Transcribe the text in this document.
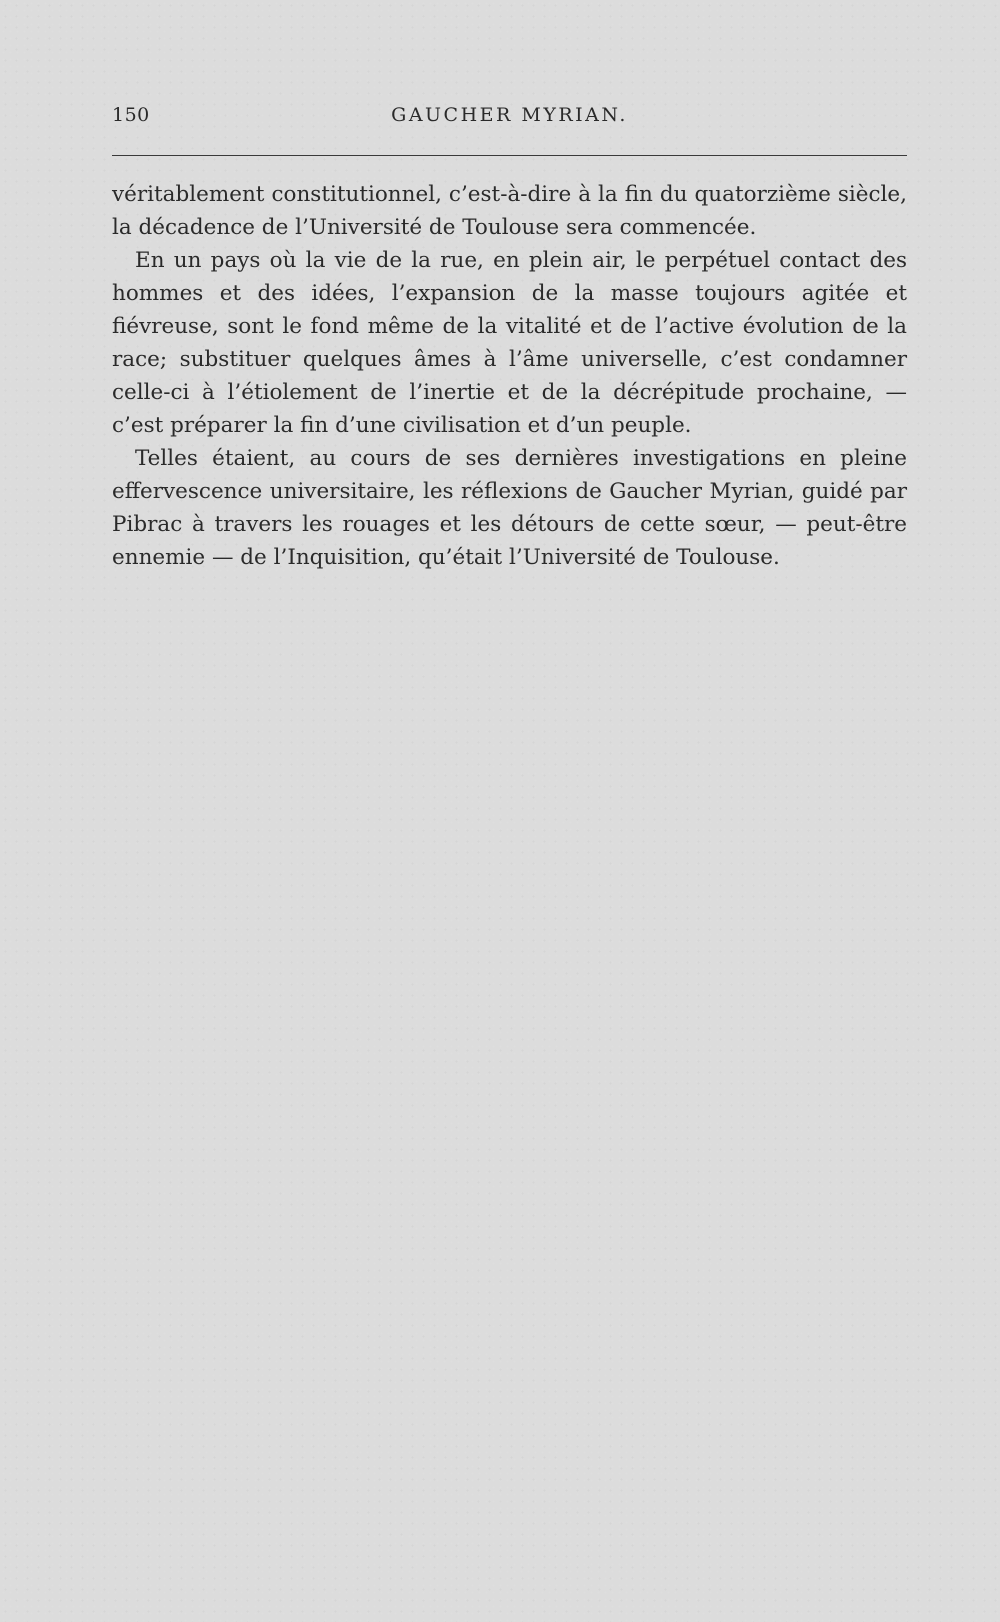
150	GAUCHER MYRIAN.

véritablement constitutionnel, c’est-à-dire à la fin du quatorzième siècle, la décadence de l’Université de Toulouse sera commencée.

En un pays où la vie de la rue, en plein air, le perpétuel contact des hommes et des idées, l’expansion de la masse toujours agitée et fiévreuse, sont le fond même de la vitalité et de l’active évolution de la race; substituer quelques âmes à l’âme universelle, c’est condamner celle-ci à l’étiolement de l’inertie et de la décrépitude prochaine, — c’est préparer la fin d’une civilisation et d’un peuple.

Telles étaient, au cours de ses dernières investigations en pleine effervescence universitaire, les réflexions de Gaucher Myrian, guidé par Pibrac à travers les rouages et les détours de cette sœur, — peut-être ennemie — de l’Inquisition, qu’était l’Université de Toulouse.
